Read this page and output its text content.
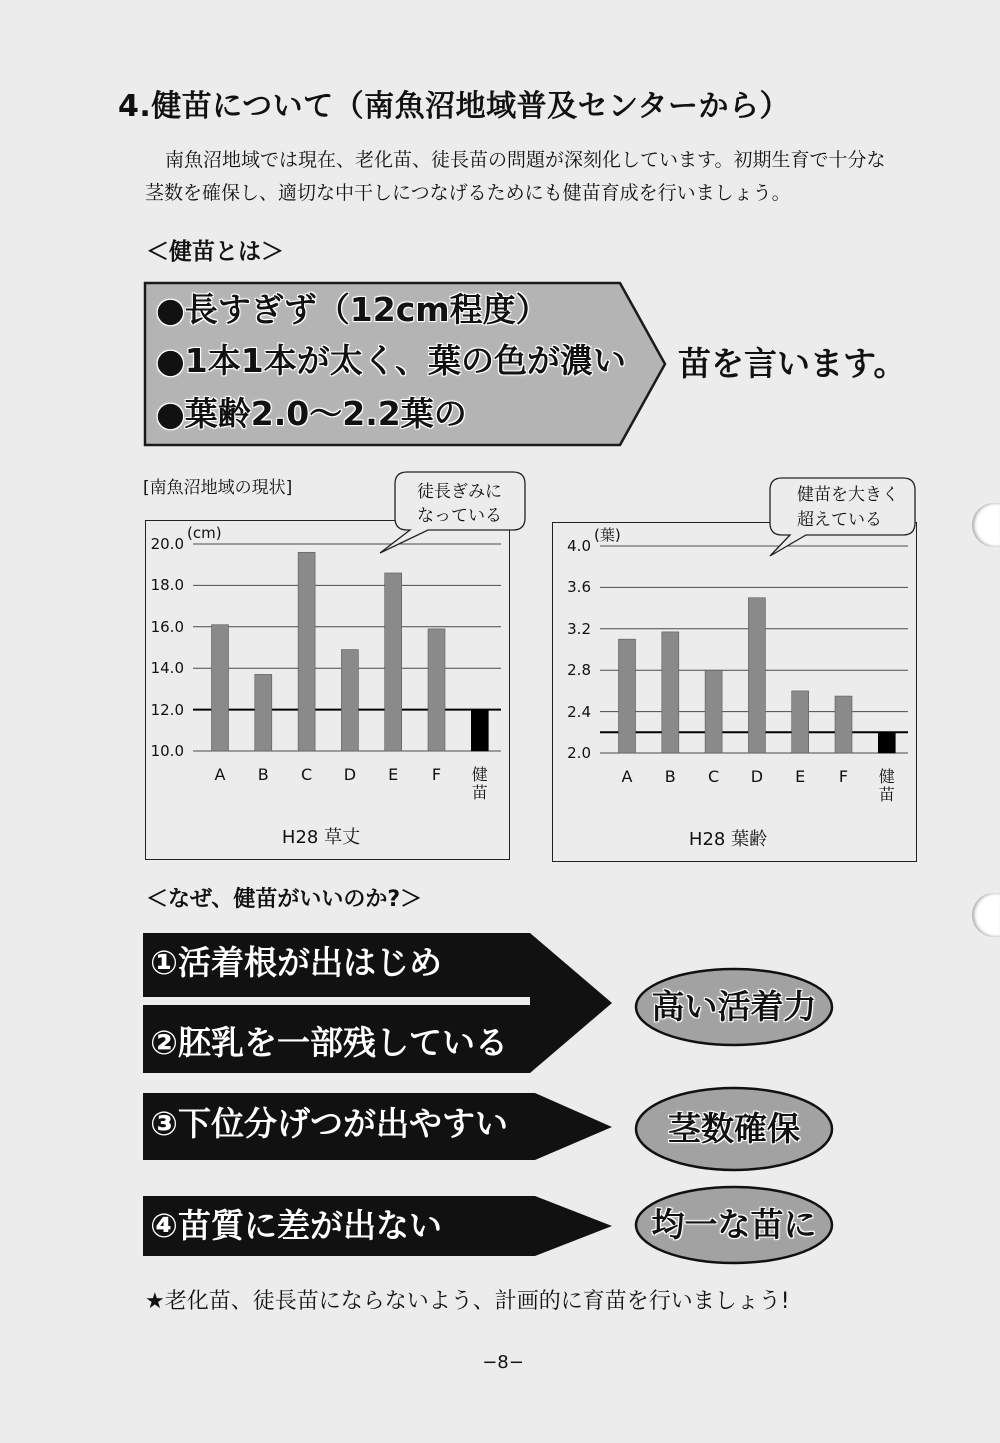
4.健苗について（南魚沼地域普及センターから）
南魚沼地域では現在、老化苗、徒長苗の問題が深刻化しています。初期生育で十分な
茎数を確保し、適切な中干しにつなげるためにも健苗育成を行いましょう。
＜健苗とは＞
●長すぎず（12cm程度）
●1本1本が太く、葉の色が濃い
●葉齢2.0～2.2葉の
苗を言います。
[南魚沼地域の現状]
20.0
18.0
16.0
14.0
12.0
10.0
A B C D	E	F	健苗
(cm)
H28 草丈
4.0
3.6
3.2
2.8
2.4
2.0
A B C D	E	F	健苗
(葉)
H28 葉齢
徒長ぎみに
なっている
健苗を大きく
超えている
＜なぜ、健苗がいいのか?＞
①活着根が出はじめ
②胚乳を一部残している
③下位分げつが出やすい
④苗質に差が出ない
高い活着力
茎数確保
均一な苗に
★老化苗、徒長苗にならないよう、計画的に育苗を行いましょう!
−8−
